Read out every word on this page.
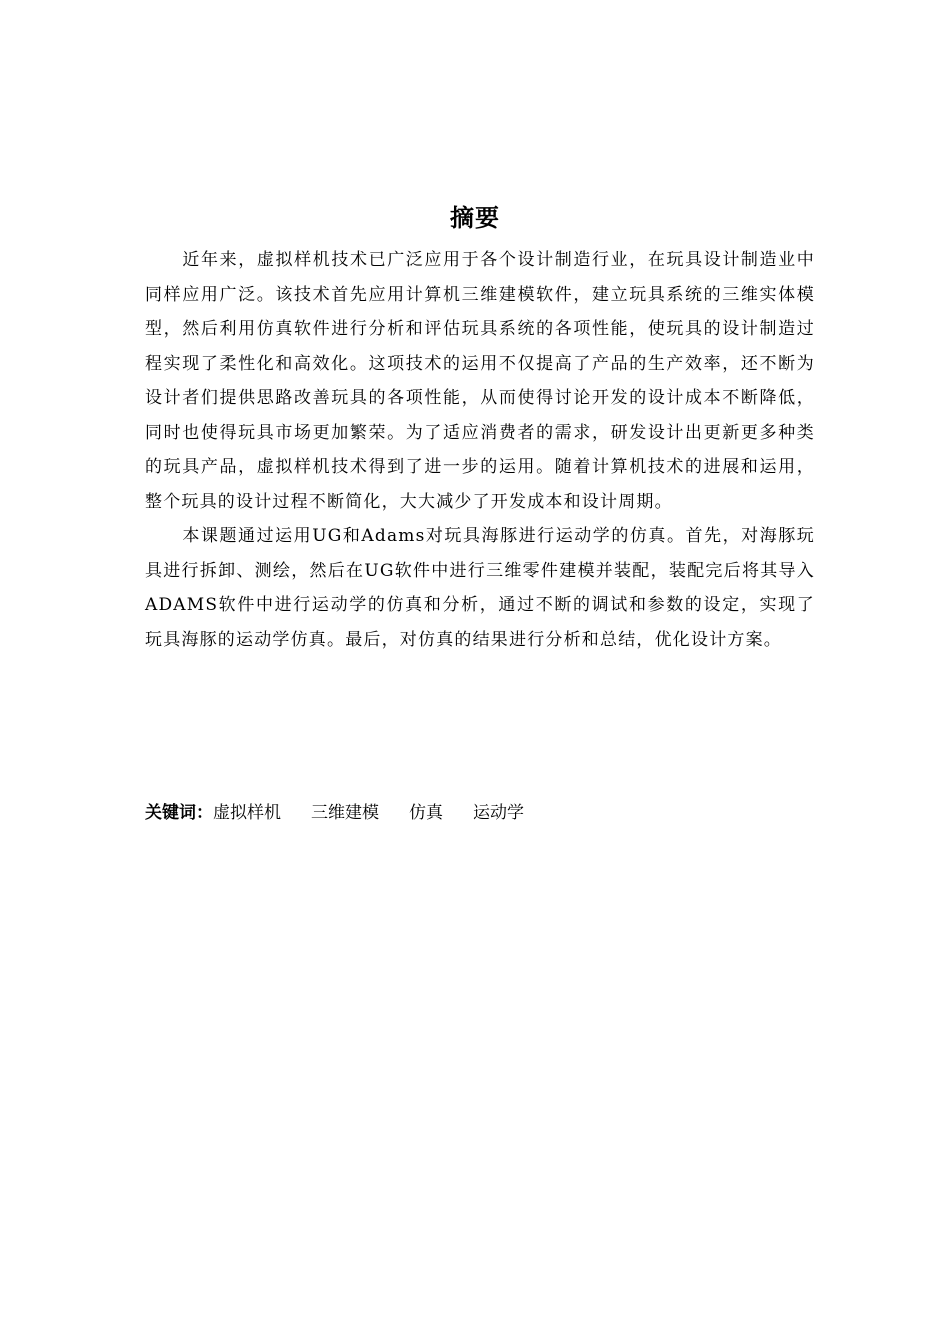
摘要

近年来，虚拟样机技术已广泛应用于各个设计制造行业，在玩具设计制造业中同样应用广泛。该技术首先应用计算机三维建模软件，建立玩具系统的三维实体模型，然后利用仿真软件进行分析和评估玩具系统的各项性能，使玩具的设计制造过程实现了柔性化和高效化。这项技术的运用不仅提高了产品的生产效率，还不断为设计者们提供思路改善玩具的各项性能，从而使得讨论开发的设计成本不断降低，同时也使得玩具市场更加繁荣。为了适应消费者的需求，研发设计出更新更多种类的玩具产品，虚拟样机技术得到了进一步的运用。随着计算机技术的进展和运用，整个玩具的设计过程不断简化，大大减少了开发成本和设计周期。

本课题通过运用UG和Adams对玩具海豚进行运动学的仿真。首先，对海豚玩具进行拆卸、测绘，然后在UG软件中进行三维零件建模并装配，装配完后将其导入ADAMS软件中进行运动学的仿真和分析，通过不断的调试和参数的设定，实现了玩具海豚的运动学仿真。最后，对仿真的结果进行分析和总结，优化设计方案。

关键词：虚拟样机 三维建模 仿真 运动学
